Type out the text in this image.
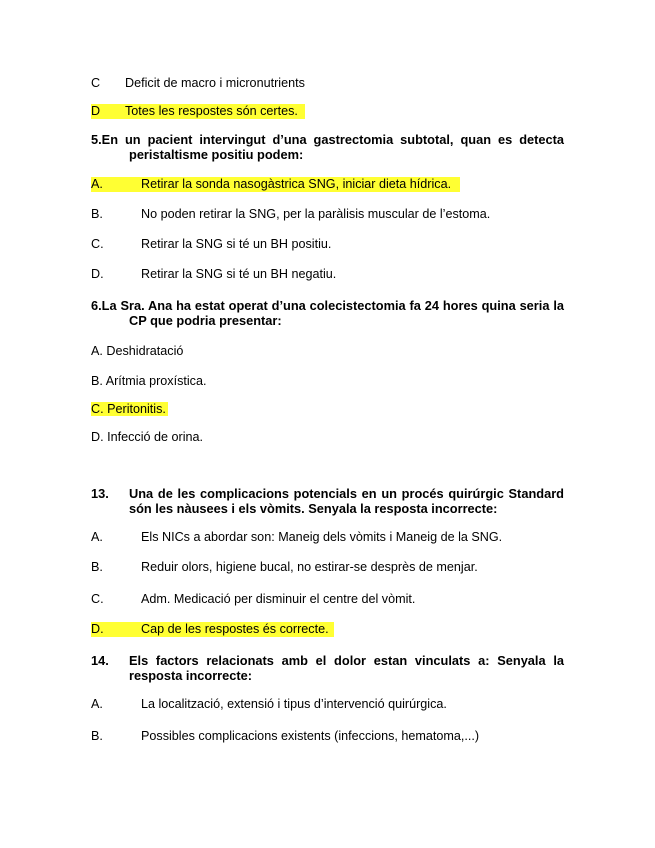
C Deficit de macro i micronutrients
D Totes les respostes són certes.
5.En un pacient intervingut d’una gastrectomia subtotal, quan es detecta
peristaltisme positiu podem:
A.	Retirar la sonda nasogàstrica SNG, iniciar dieta hídrica.
B.	No poden retirar la SNG, per la paràlisis muscular de l’estoma.
C.	Retirar la SNG si té un BH positiu.
D.	Retirar la SNG si té un BH negatiu.
6.La Sra. Ana ha estat operat d’una colecistectomia fa 24 hores quina seria la
CP que podria presentar:
A. Deshidratació
B. Arítmia proxística.
C. Peritonitis.
D. Infecció de orina.
13. Una de les complicacions potencials en un procés quirúrgic Standard
són les nàusees i els vòmits. Senyala la resposta incorrecte:
A.	Els NICs a abordar son: Maneig dels vòmits i Maneig de la SNG.
B.	Reduir olors, higiene bucal, no estirar-se desprès de menjar.
C.	Adm. Medicació per disminuir el centre del vòmit.
D.	Cap de les respostes és correcte.
14. Els factors relacionats amb el dolor estan vinculats a: Senyala la
resposta incorrecte:
A.	La localització, extensió i tipus d’intervenció quirúrgica.
B.	Possibles complicacions existents (infeccions, hematoma,...)
